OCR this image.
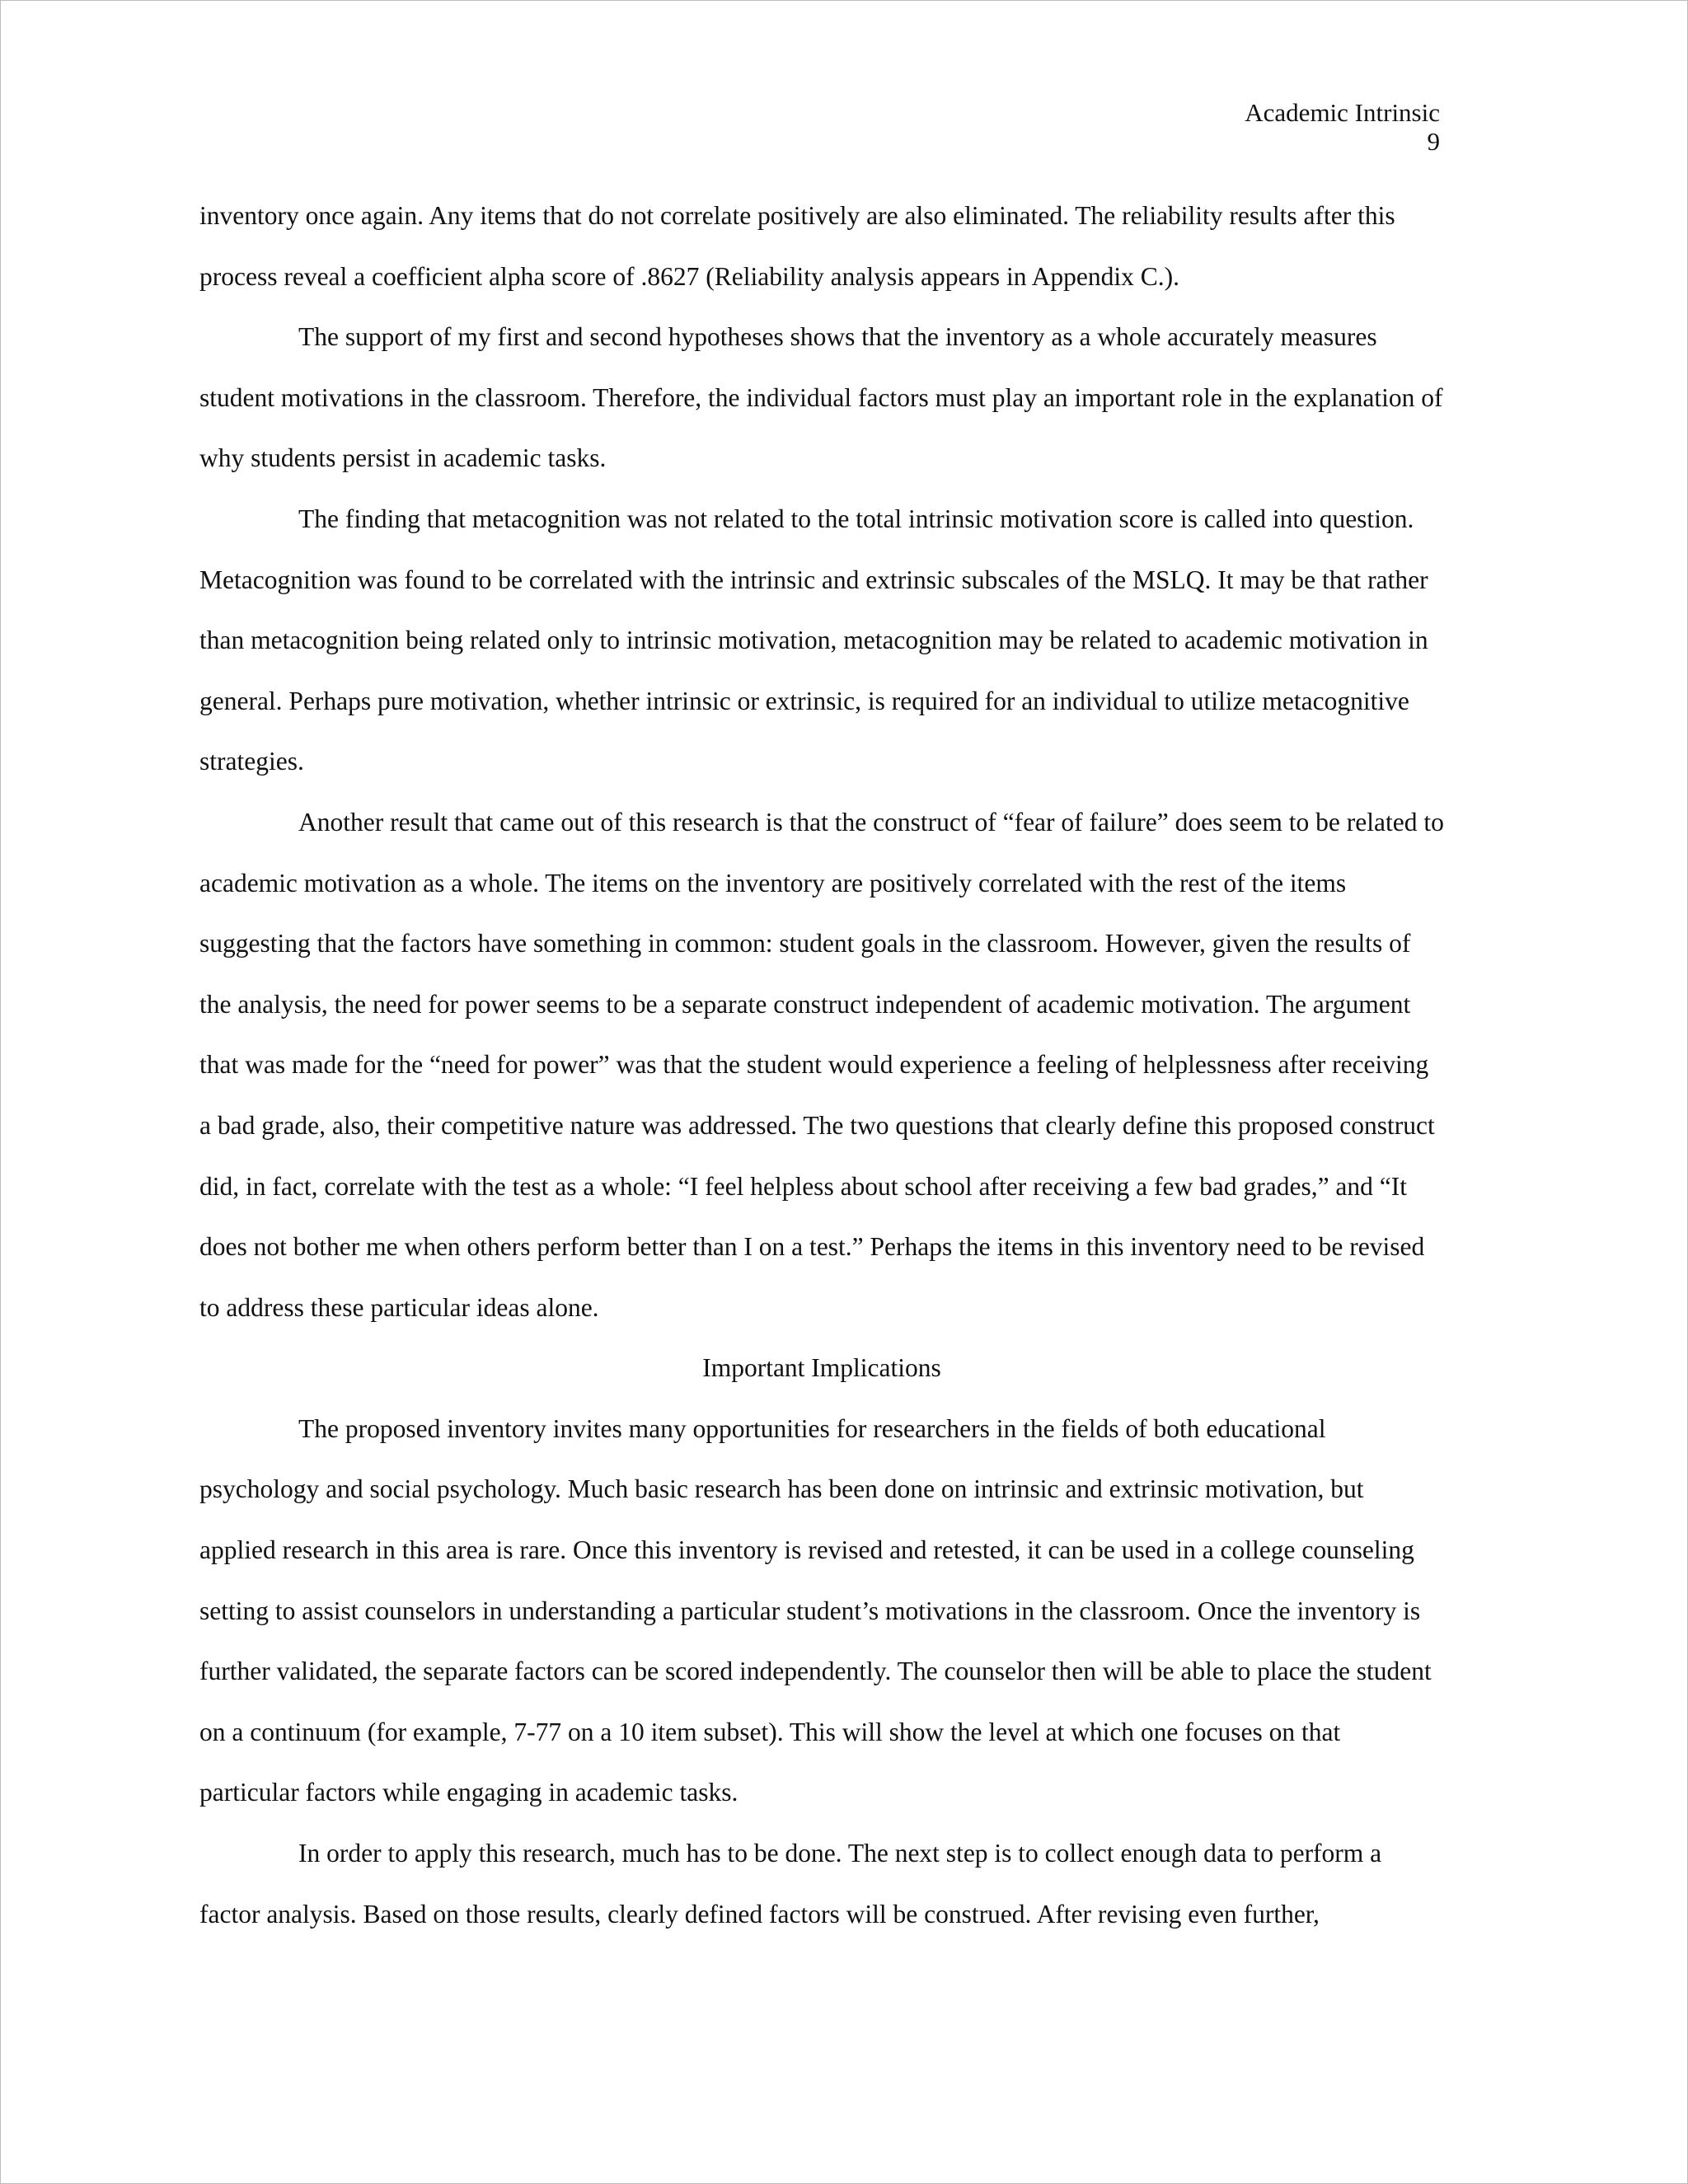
Academic Intrinsic
9

inventory once again. Any items that do not correlate positively are also eliminated. The reliability results after this process reveal a coefficient alpha score of .8627 (Reliability analysis appears in Appendix C.).

The support of my first and second hypotheses shows that the inventory as a whole accurately measures student motivations in the classroom. Therefore, the individual factors must play an important role in the explanation of why students persist in academic tasks.

The finding that metacognition was not related to the total intrinsic motivation score is called into question. Metacognition was found to be correlated with the intrinsic and extrinsic subscales of the MSLQ. It may be that rather than metacognition being related only to intrinsic motivation, metacognition may be related to academic motivation in general. Perhaps pure motivation, whether intrinsic or extrinsic, is required for an individual to utilize metacognitive strategies.

Another result that came out of this research is that the construct of “fear of failure” does seem to be related to academic motivation as a whole. The items on the inventory are positively correlated with the rest of the items suggesting that the factors have something in common: student goals in the classroom. However, given the results of the analysis, the need for power seems to be a separate construct independent of academic motivation. The argument that was made for the “need for power” was that the student would experience a feeling of helplessness after receiving a bad grade, also, their competitive nature was addressed. The two questions that clearly define this proposed construct did, in fact, correlate with the test as a whole: “I feel helpless about school after receiving a few bad grades,” and “It does not bother me when others perform better than I on a test.” Perhaps the items in this inventory need to be revised to address these particular ideas alone.

Important Implications

The proposed inventory invites many opportunities for researchers in the fields of both educational psychology and social psychology. Much basic research has been done on intrinsic and extrinsic motivation, but applied research in this area is rare. Once this inventory is revised and retested, it can be used in a college counseling setting to assist counselors in understanding a particular student’s motivations in the classroom. Once the inventory is further validated, the separate factors can be scored independently. The counselor then will be able to place the student on a continuum (for example, 7-77 on a 10 item subset). This will show the level at which one focuses on that particular factors while engaging in academic tasks.

In order to apply this research, much has to be done. The next step is to collect enough data to perform a factor analysis. Based on those results, clearly defined factors will be construed. After revising even further,
